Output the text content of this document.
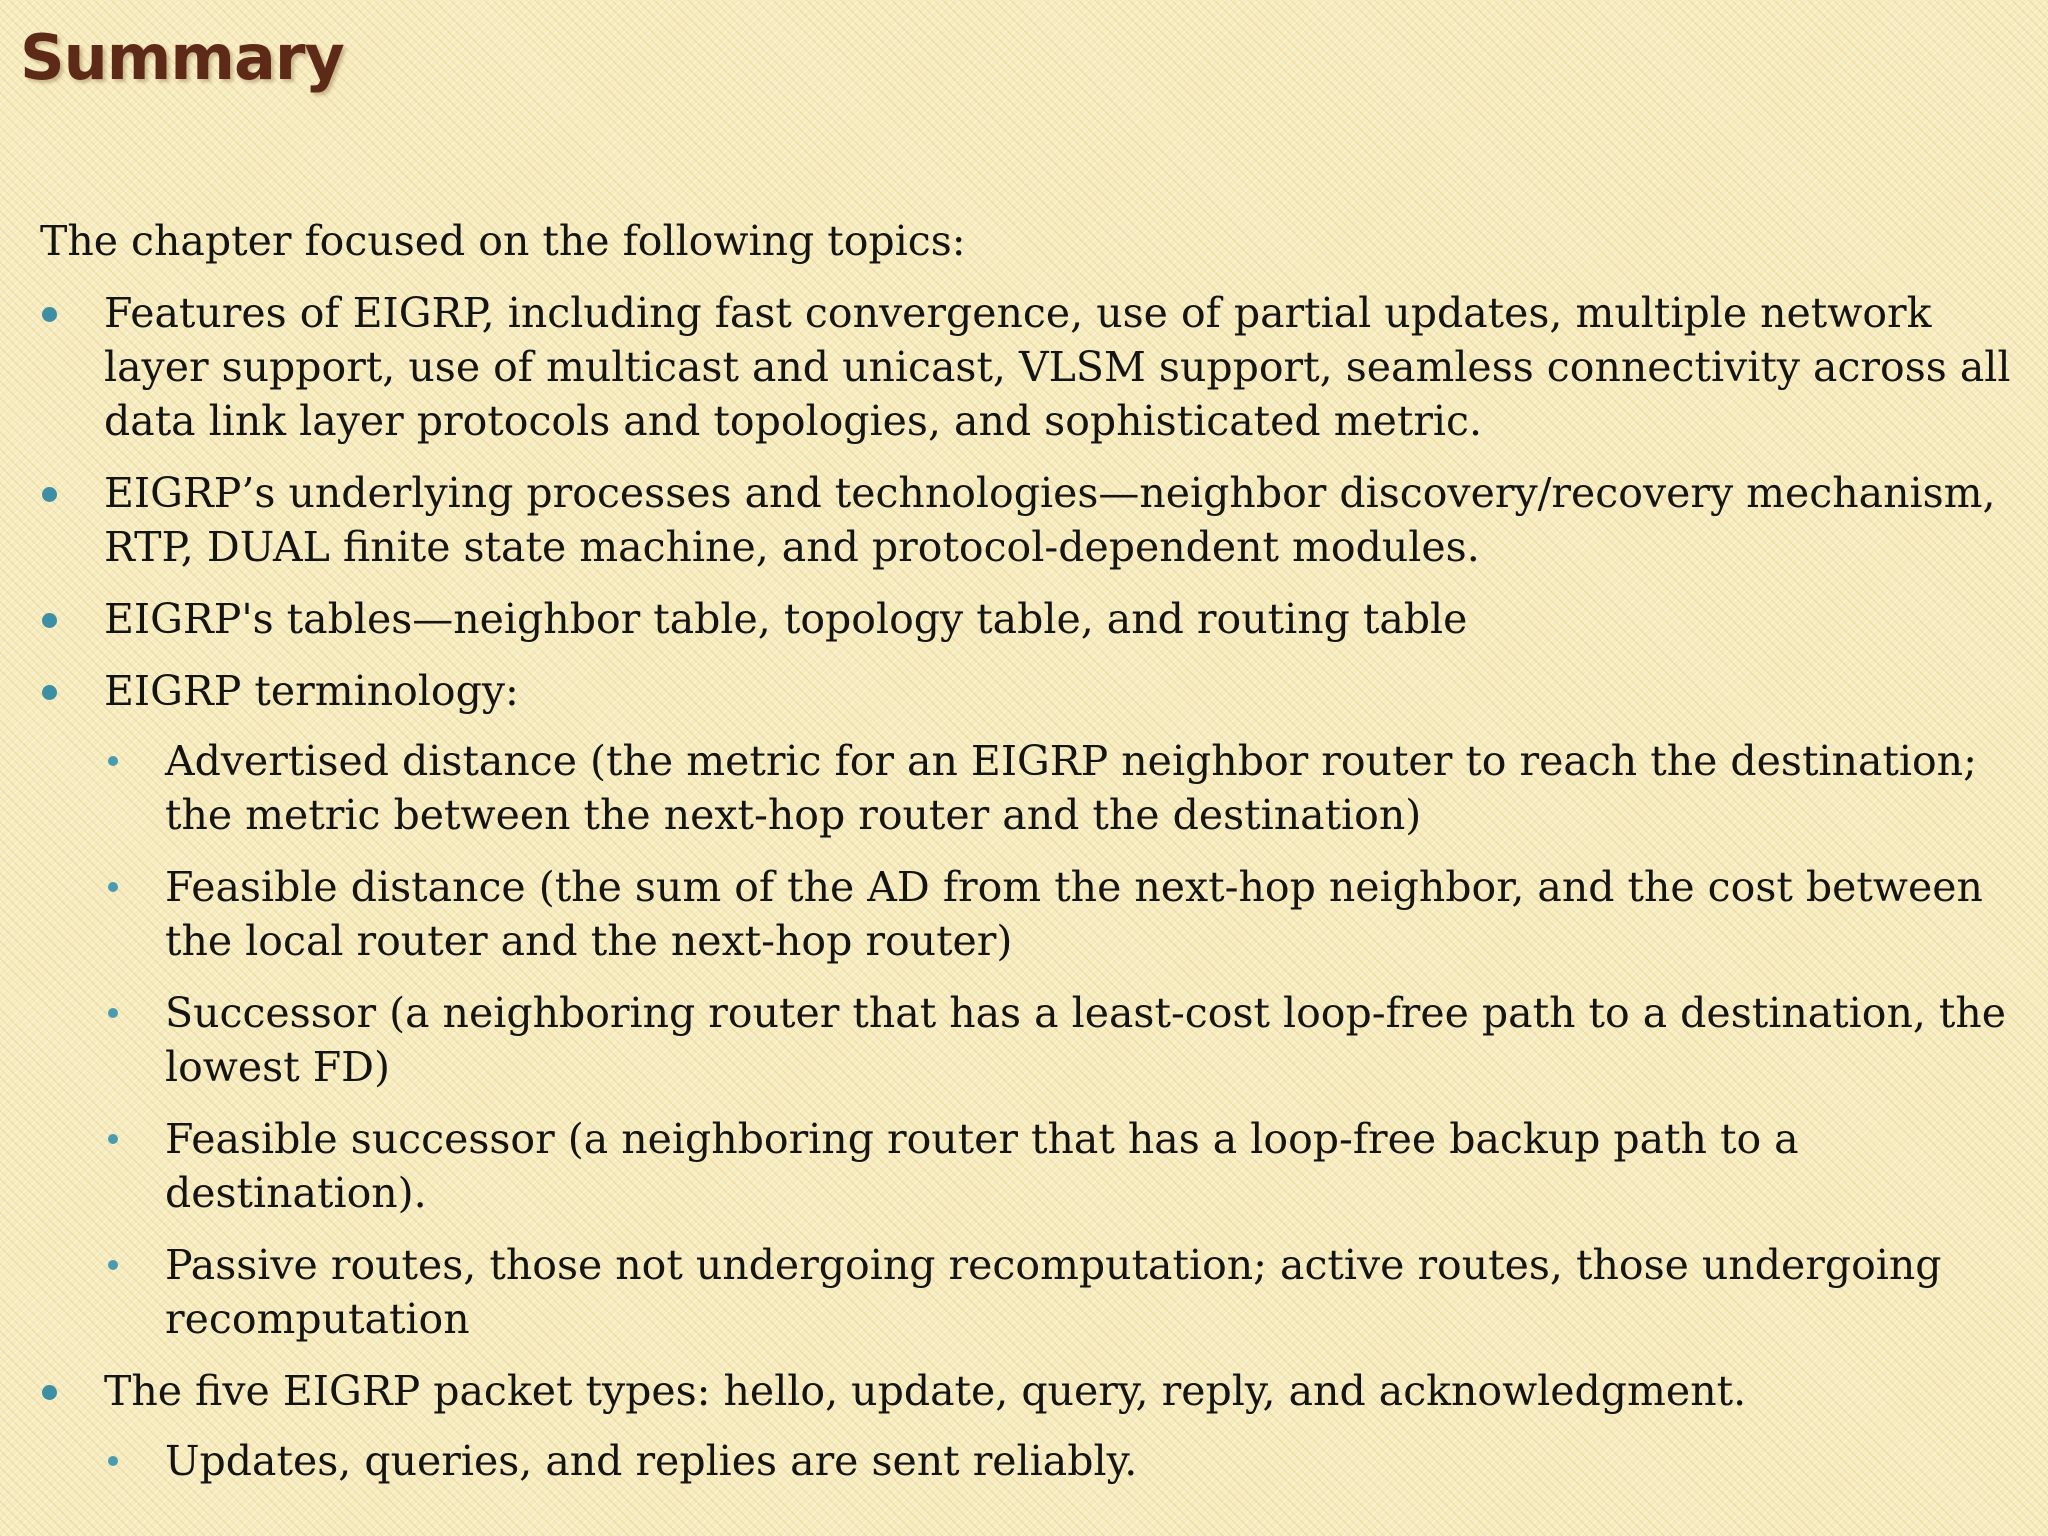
Summary

The chapter focused on the following topics:

Features of EIGRP, including fast convergence, use of partial updates, multiple network layer support, use of multicast and unicast, VLSM support, seamless connectivity across all data link layer protocols and topologies, and sophisticated metric.
EIGRP’s underlying processes and technologies—neighbor discovery/recovery mechanism, RTP, DUAL finite state machine, and protocol-dependent modules.
EIGRP's tables—neighbor table, topology table, and routing table
EIGRP terminology:
Advertised distance (the metric for an EIGRP neighbor router to reach the destination; the metric between the next-hop router and the destination)
Feasible distance (the sum of the AD from the next-hop neighbor, and the cost between the local router and the next-hop router)
Successor (a neighboring router that has a least-cost loop-free path to a destination, the lowest FD)
Feasible successor (a neighboring router that has a loop-free backup path to a destination).
Passive routes, those not undergoing recomputation; active routes, those undergoing recomputation
The five EIGRP packet types: hello, update, query, reply, and acknowledgment.
Updates, queries, and replies are sent reliably.
